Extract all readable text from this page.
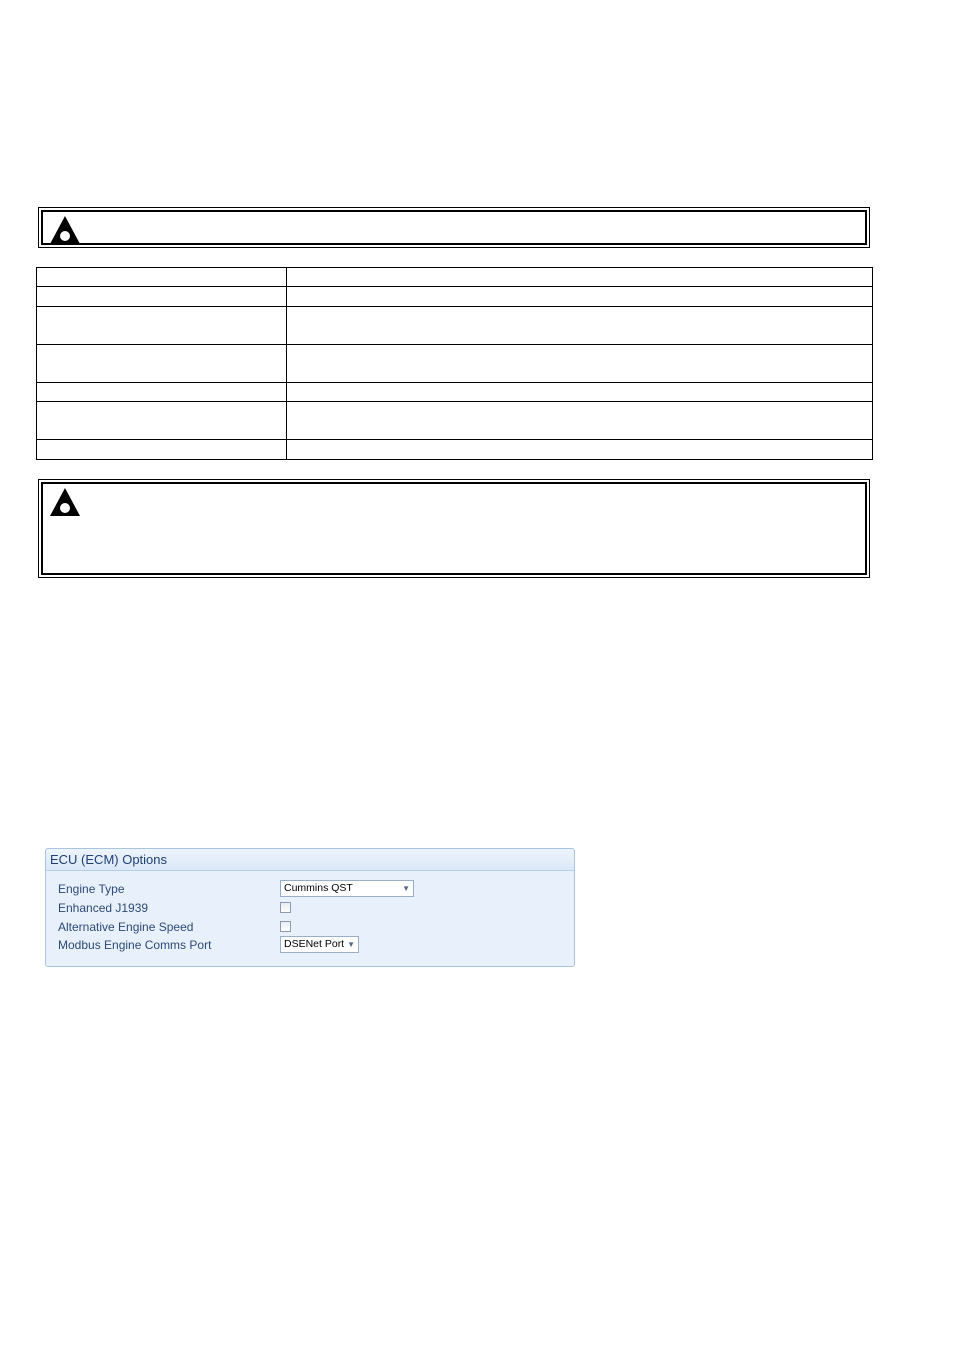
ECU (ECM) Options
Engine Type	Cummins QST	▼
Enhanced J1939
Alternative Engine Speed
Modbus Engine Comms Port	DSENet Port ▼
